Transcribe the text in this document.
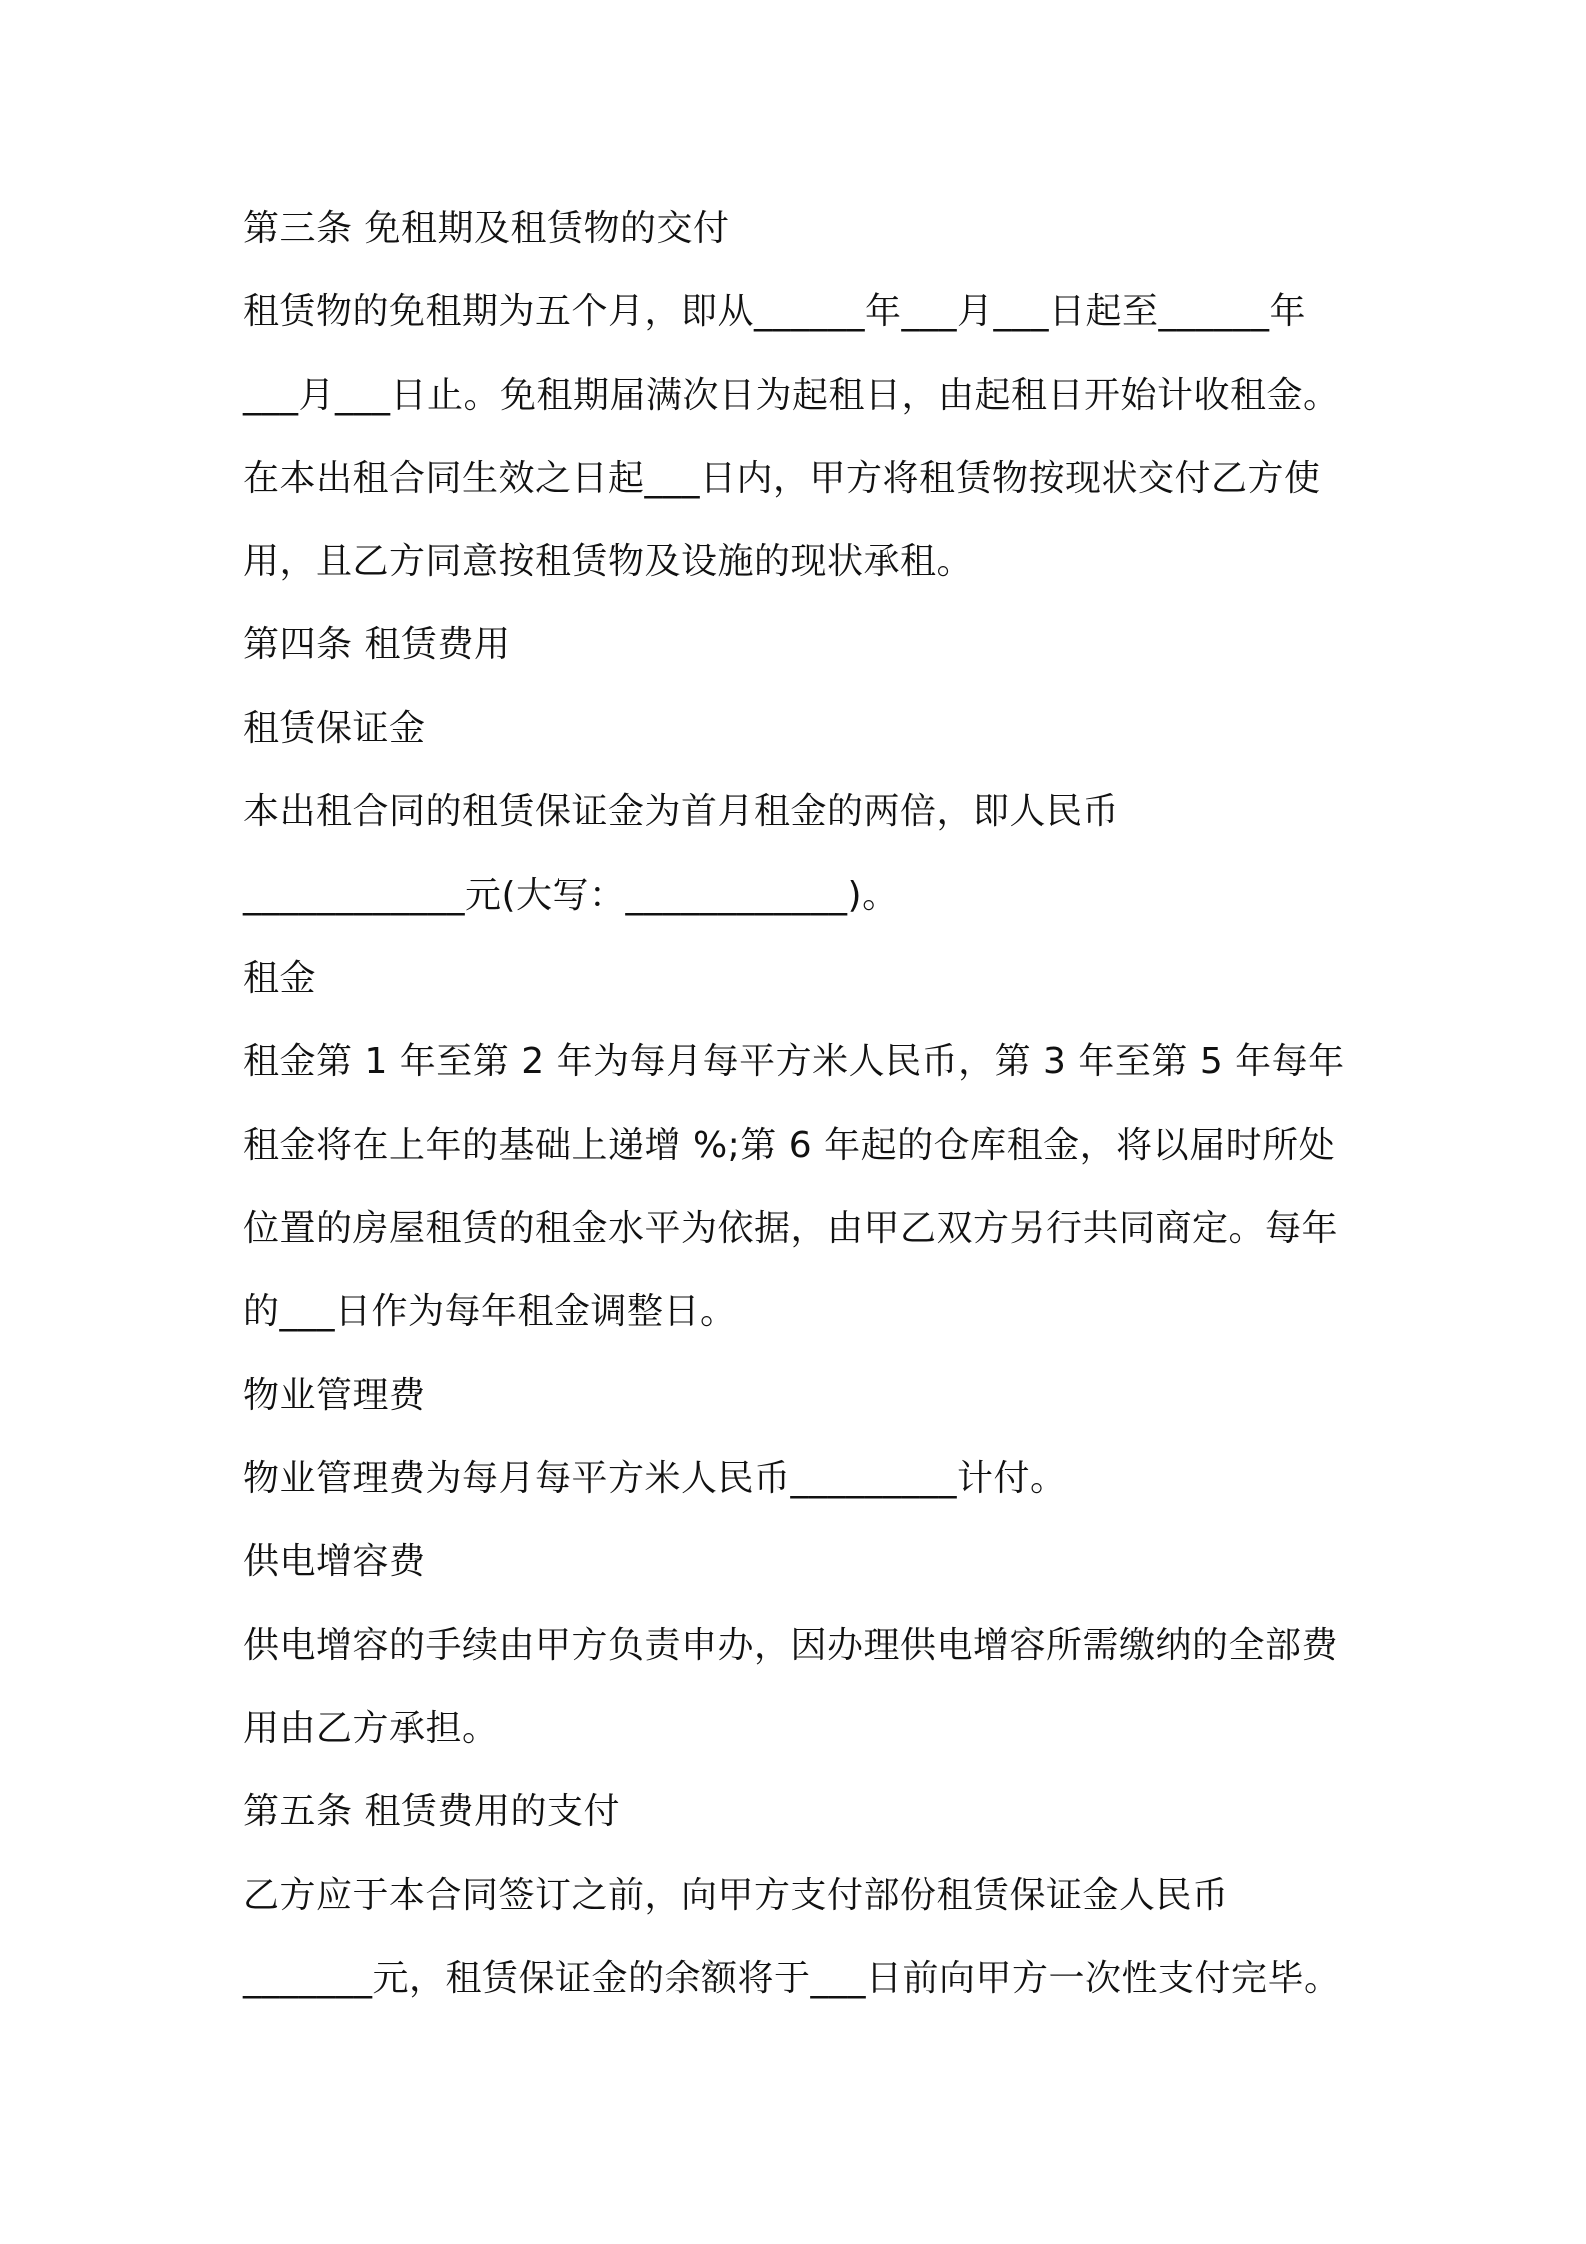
第三条 免租期及租赁物的交付
租赁物的免租期为五个月，即从______年___月___日起至______年
___月___日止。免租期届满次日为起租日，由起租日开始计收租金。
在本出租合同生效之日起___日内，甲方将租赁物按现状交付乙方使
用，且乙方同意按租赁物及设施的现状承租。
第四条 租赁费用
租赁保证金
本出租合同的租赁保证金为首月租金的两倍，即人民币
____________元(大写：____________)。
租金
租金第 1 年至第 2 年为每月每平方米人民币，第 3 年至第 5 年每年
租金将在上年的基础上递增 %;第 6 年起的仓库租金，将以届时所处
位置的房屋租赁的租金水平为依据，由甲乙双方另行共同商定。每年
的___日作为每年租金调整日。
物业管理费
物业管理费为每月每平方米人民币_________计付。
供电增容费
供电增容的手续由甲方负责申办，因办理供电增容所需缴纳的全部费
用由乙方承担。
第五条 租赁费用的支付
乙方应于本合同签订之前，向甲方支付部份租赁保证金人民币
_______元，租赁保证金的余额将于___日前向甲方一次性支付完毕。
